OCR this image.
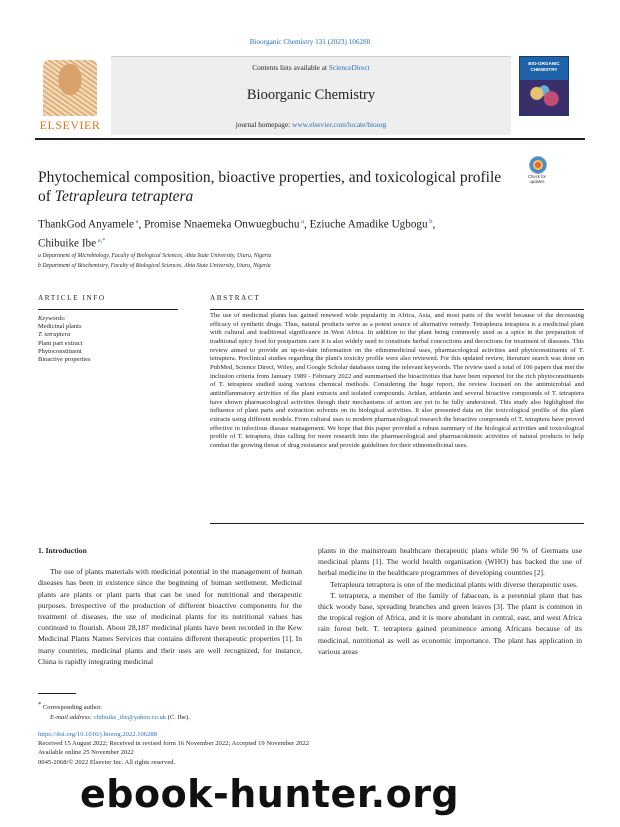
Bioorganic Chemistry 131 (2023) 106288
ELSEVIER
Contents lists available at ScienceDirect
Bioorganic Chemistry
journal homepage: www.elsevier.com/locate/bioorg
BIO-ORGANIC CHEMISTRY
Phytochemical composition, bioactive properties, and toxicological profile of Tetrapleura tetraptera
Check for updates
ThankGod Anyamele $^a$, Promise Nnaemeka Onwuegbuchu $^a$, Eziuche Amadike Ugbogu $^b$,
Chibuike Ibe $^{a,*}$
a Department of Microbiology, Faculty of Biological Sciences, Abia State University, Uturu, Nigeria
b Department of Biochemistry, Faculty of Biological Sciences, Abia State University, Uturu, Nigeria
ARTICLE INFO	ABSTRACT
Keywords:
Medicinal plants
T. tetraptera
Plant part extract
Phytoconstituent
Bioactive properties
The use of medicinal plants has gained renewed wide popularity in Africa, Asia, and most parts of the world because of the decreasing efficacy of synthetic drugs. Thus, natural products serve as a potent source of alternative remedy. Tetrapleura tetraptera is a medicinal plant with cultural and traditional significance in West Africa. In addition to the plant being commonly used as a spice in the preparation of traditional spicy food for postpartum care it is also widely used to constitute herbal concoctions and decoctions for treatment of diseases. This review aimed to provide an up-to-date information on the ethnomedicinal uses, pharmacological activities and phytoconstituents of T. tetraptera. Preclinical studies regarding the plant's toxicity profile were also reviewed. For this updated review, literature search was done on PubMed, Science Direct, Wiley, and Google Scholar databases using the relevant keywords. The review used a total of 106 papers that met the inclusion criteria from January 1989 - February 2022 and summarised the bioactivities that have been reported for the rich phytoconstituents of T. tetraptera studied using various chemical methods. Considering the huge report, the review focused on the antimicrobial and antiinflammatory activities of the plant extracts and isolated compounds. Aridan, aridanin and several bioactive compounds of T. tetraptera have shown pharmacological activities though their mechanisms of action are yet to be fully understood. This study also highlighted the influence of plant parts and extraction solvents on its biological activities. It also presented data on the toxicological profile of the plant extracts using different models. From cultural uses to modern pharmacological research the bioactive compounds of T. tetraptera have proved effective in infectious disease management. We hope that this paper provided a robust summary of the biological activities and toxicological profile of T. tetraptera, thus calling for more research into the pharmacological and pharmacokinetic activities of natural products to help combat the growing threat of drug resistance and provide guidelines for their ethnomedicinal uses.
1. Introduction

The use of plants materials with medicinal potential in the management of human diseases has been in existence since the beginning of human settlement. Medicinal plants are plants or plant parts that can be used for nutritional and therapeutic purposes. Irrespective of the production of different bioactive components for the treatment of diseases, the use of medicinal plants for its nutritional values has continued to flourish. About 28,187 medicinal plants have been recorded in the Kew Medicinal Plants Names Services that contains different therapeutic properties [1]. In many countries, medicinal plants and their uses are well recognized, for instance, China is rapidly integrating medicinal

plants in the mainstream healthcare therapeutic plans while 90 % of Germans use medicinal plants [1]. The world health organisation (WHO) has backed the use of herbal medicine in the healthcare programmes of developing countries [2].

Tetrapleura tetraptera is one of the medicinal plants with diverse therapeutic uses.

T. tetraptera, a member of the family of fabacean, is a perennial plant that has thick woody base, spreading branches and green leaves [3]. The plant is common in the tropical region of Africa, and it is more abundant in central, east, and west Africa rain forest belt. T. tetraptera gained prominence among Africans because of its medicinal, nutritional as well as economic importance. The plant has application in various areas

* Corresponding author.
E-mail address: chibuike_ibe@yahoo.co.uk (C. Ibe).
https://doi.org/10.1016/j.bioorg.2022.106288
Received 15 August 2022; Received in revised form 16 November 2022; Accepted 19 November 2022
Available online 25 November 2022
0045-2068/© 2022 Elsevier Inc. All rights reserved.
ebook-hunter.org
